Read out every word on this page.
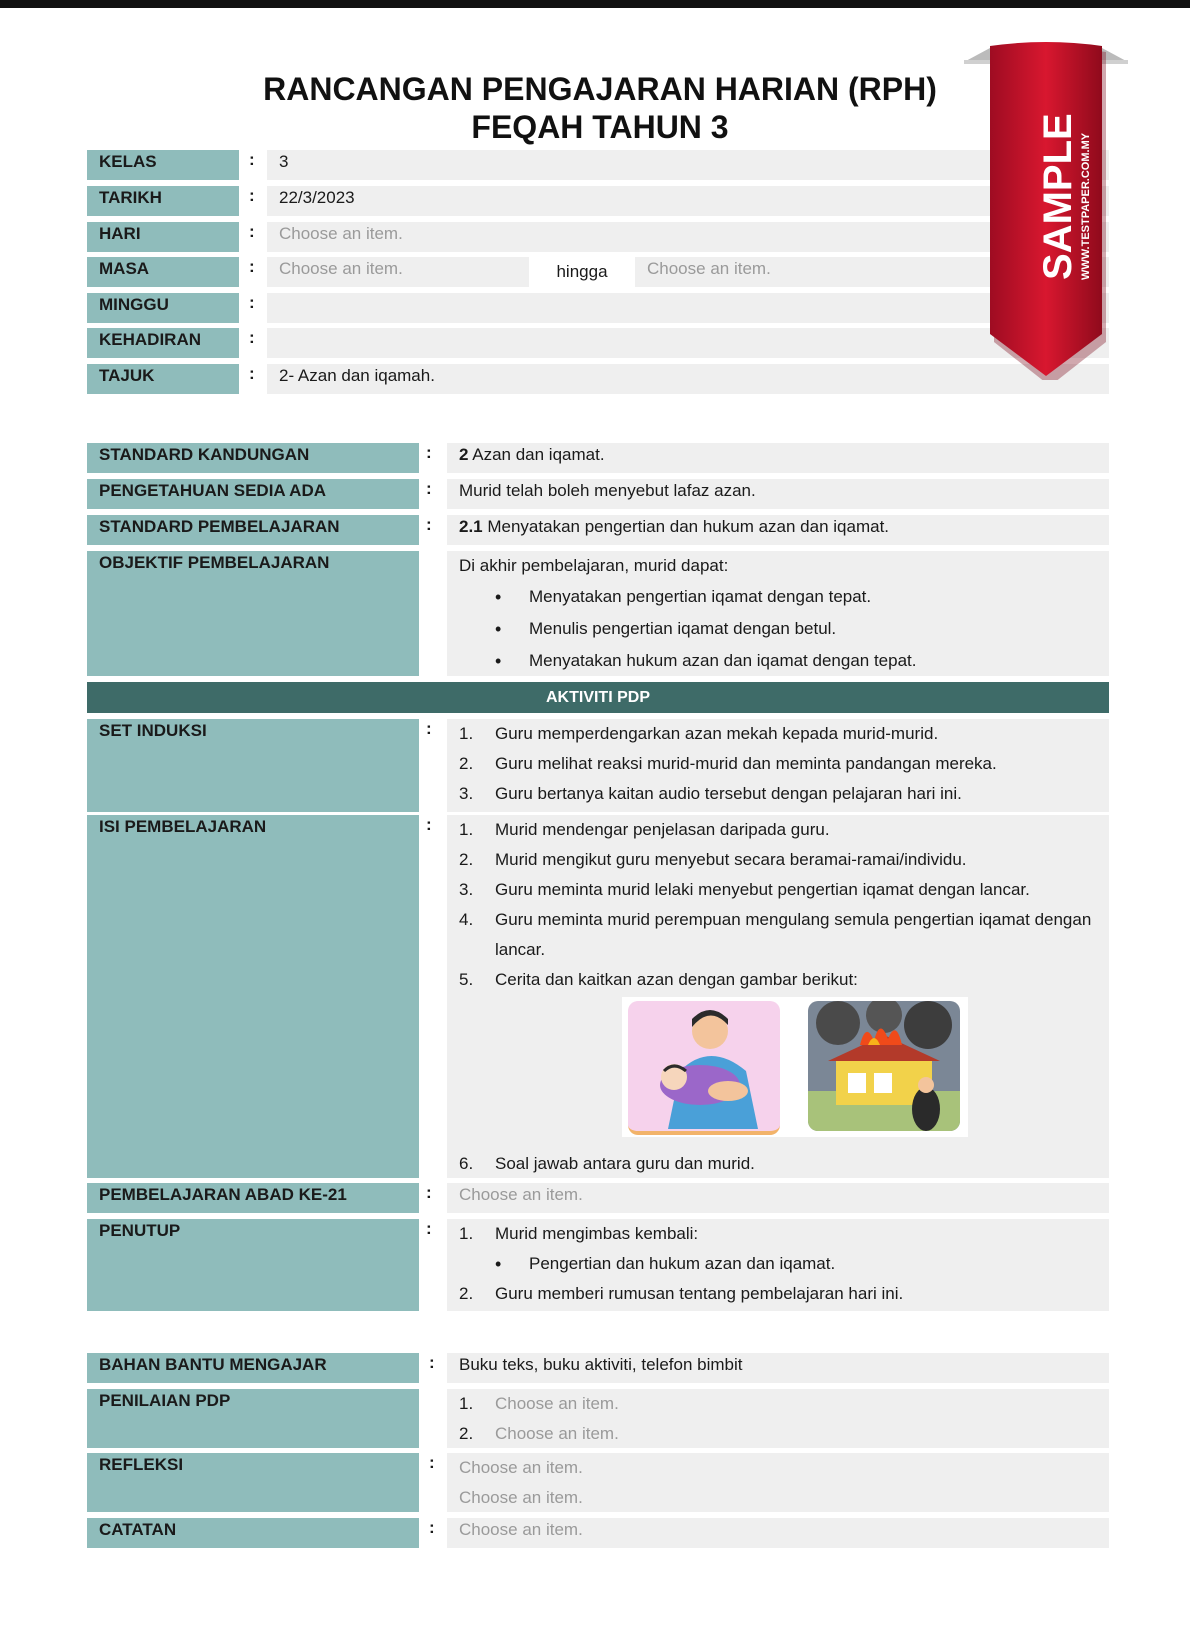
RANCANGAN PENGAJARAN HARIAN (RPH)
FEQAH TAHUN 3
KELAS	:	3
TARIKH	:	22/3/2023
HARI	:	Choose an item.
MASA	:	Choose an item.	hingga	Choose an item.
MINGGU	:
KEHADIRAN	:
TAJUK	:	2- Azan dan iqamah.
STANDARD KANDUNGAN	:	2 Azan dan iqamat.
PENGETAHUAN SEDIA ADA	:	Murid telah boleh menyebut lafaz azan.
STANDARD PEMBELAJARAN	:	2.1 Menyatakan pengertian dan hukum azan dan iqamat.
OBJEKTIF PEMBELAJARAN	Di akhir pembelajaran, murid dapat:
• Menyatakan pengertian iqamat dengan tepat.
• Menulis pengertian iqamat dengan betul.
• Menyatakan hukum azan dan iqamat dengan tepat.
AKTIVITI PDP
SET INDUKSI	: 1. Guru memperdengarkan azan mekah kepada murid-murid.
2. Guru melihat reaksi murid-murid dan meminta pandangan mereka.
3. Guru bertanya kaitan audio tersebut dengan pelajaran hari ini.
ISI PEMBELAJARAN	: 1. Murid mendengar penjelasan daripada guru.
2. Murid mengikut guru menyebut secara beramai-ramai/individu.
3. Guru meminta murid lelaki menyebut pengertian iqamat dengan lancar.
4. Guru meminta murid perempuan mengulang semula pengertian iqamat dengan
lancar.
5. Cerita dan kaitkan azan dengan gambar berikut:
6. Soal jawab antara guru dan murid.
PEMBELAJARAN ABAD KE-21	:	Choose an item.
PENUTUP	: 1. Murid mengimbas kembali:
• Pengertian dan hukum azan dan iqamat.
2. Guru memberi rumusan tentang pembelajaran hari ini.
BAHAN BANTU MENGAJAR	:	Buku teks, buku aktiviti, telefon bimbit
PENILAIAN PDP	1. Choose an item.
2. Choose an item.
REFLEKSI	: Choose an item.
Choose an item.
CATATAN	:	Choose an item.
SAMPLE WWW.TESTPAPER.COM.MY
